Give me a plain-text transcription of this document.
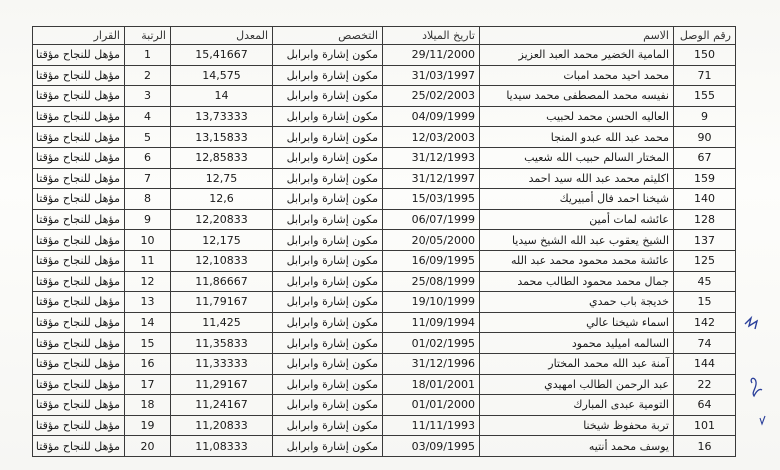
رقم الوصل	الاسم	تاريخ الميلاد	التخصص	المعدل	الرتبة	القرار
150	المامية الخضير محمد العبد العزيز	29/11/2000	مكون إشارة وابرابل	15,41667	1	مؤهل للنجاح مؤقتا
71	محمد احيد محمد امبات	31/03/1997	مكون إشارة وابرابل	14,575	2	مؤهل للنجاح مؤقتا
155	نفيسه محمد المصطفى محمد سيديا	25/02/2003	مكون إشارة وابرابل	14	3	مؤهل للنجاح مؤقتا
9	العاليه الحسن محمد لحبيب	04/09/1999	مكون إشارة وابرابل	13,73333	4	مؤهل للنجاح مؤقتا
90	محمد عبد الله عبدو المنجا	12/03/2003	مكون إشارة وابرابل	13,15833	5	مؤهل للنجاح مؤقتا
67	المختار السالم حبيب الله شعيب	31/12/1993	مكون إشارة وابرابل	12,85833	6	مؤهل للنجاح مؤقتا
159	اكليثم محمد عبد الله سيد احمد	31/12/1997	مكون إشارة وابرابل	12,75	7	مؤهل للنجاح مؤقتا
140	شيخنا احمد فال أمبيريك	15/03/1995	مكون إشارة وابرابل	12,6	8	مؤهل للنجاح مؤقتا
128	عائشه لمات أمين	06/07/1999	مكون إشارة وابرابل	12,20833	9	مؤهل للنجاح مؤقتا
137	الشيخ يعقوب عبد الله الشيخ سيديا	20/05/2000	مكون إشارة وابرابل	12,175	10	مؤهل للنجاح مؤقتا
125	عائشة محمد محمود محمد عبد الله	16/09/1995	مكون إشارة وابرابل	12,10833	11	مؤهل للنجاح مؤقتا
45	جمال محمد محمود الطالب محمد	25/08/1999	مكون إشارة وابرابل	11,86667	12	مؤهل للنجاح مؤقتا
15	خديجة باب حمدي	19/10/1999	مكون إشارة وابرابل	11,79167	13	مؤهل للنجاح مؤقتا
142	اسماء شيخنا عالي	11/09/1994	مكون إشارة وابرابل	11,425	14	مؤهل للنجاح مؤقتا
74	السالمه اميليد محمود	01/02/1995	مكون إشارة وابرابل	11,35833	15	مؤهل للنجاح مؤقتا
144	آمنة عبد الله محمد المختار	31/12/1996	مكون إشارة وابرابل	11,33333	16	مؤهل للنجاح مؤقتا
22	عبد الرحمن الطالب امهيدي	18/01/2001	مكون إشارة وابرابل	11,29167	17	مؤهل للنجاح مؤقتا
64	التومية عبدى المبارك	01/01/2000	مكون إشارة وابرابل	11,24167	18	مؤهل للنجاح مؤقتا
101	تربة محفوظ شيخنا	11/11/1993	مكون إشارة وابرابل	11,20833	19	مؤهل للنجاح مؤقتا
16	يوسف محمد أنتيه	03/09/1995	مكون إشارة وابرابل	11,08333	20	مؤهل للنجاح مؤقتا
